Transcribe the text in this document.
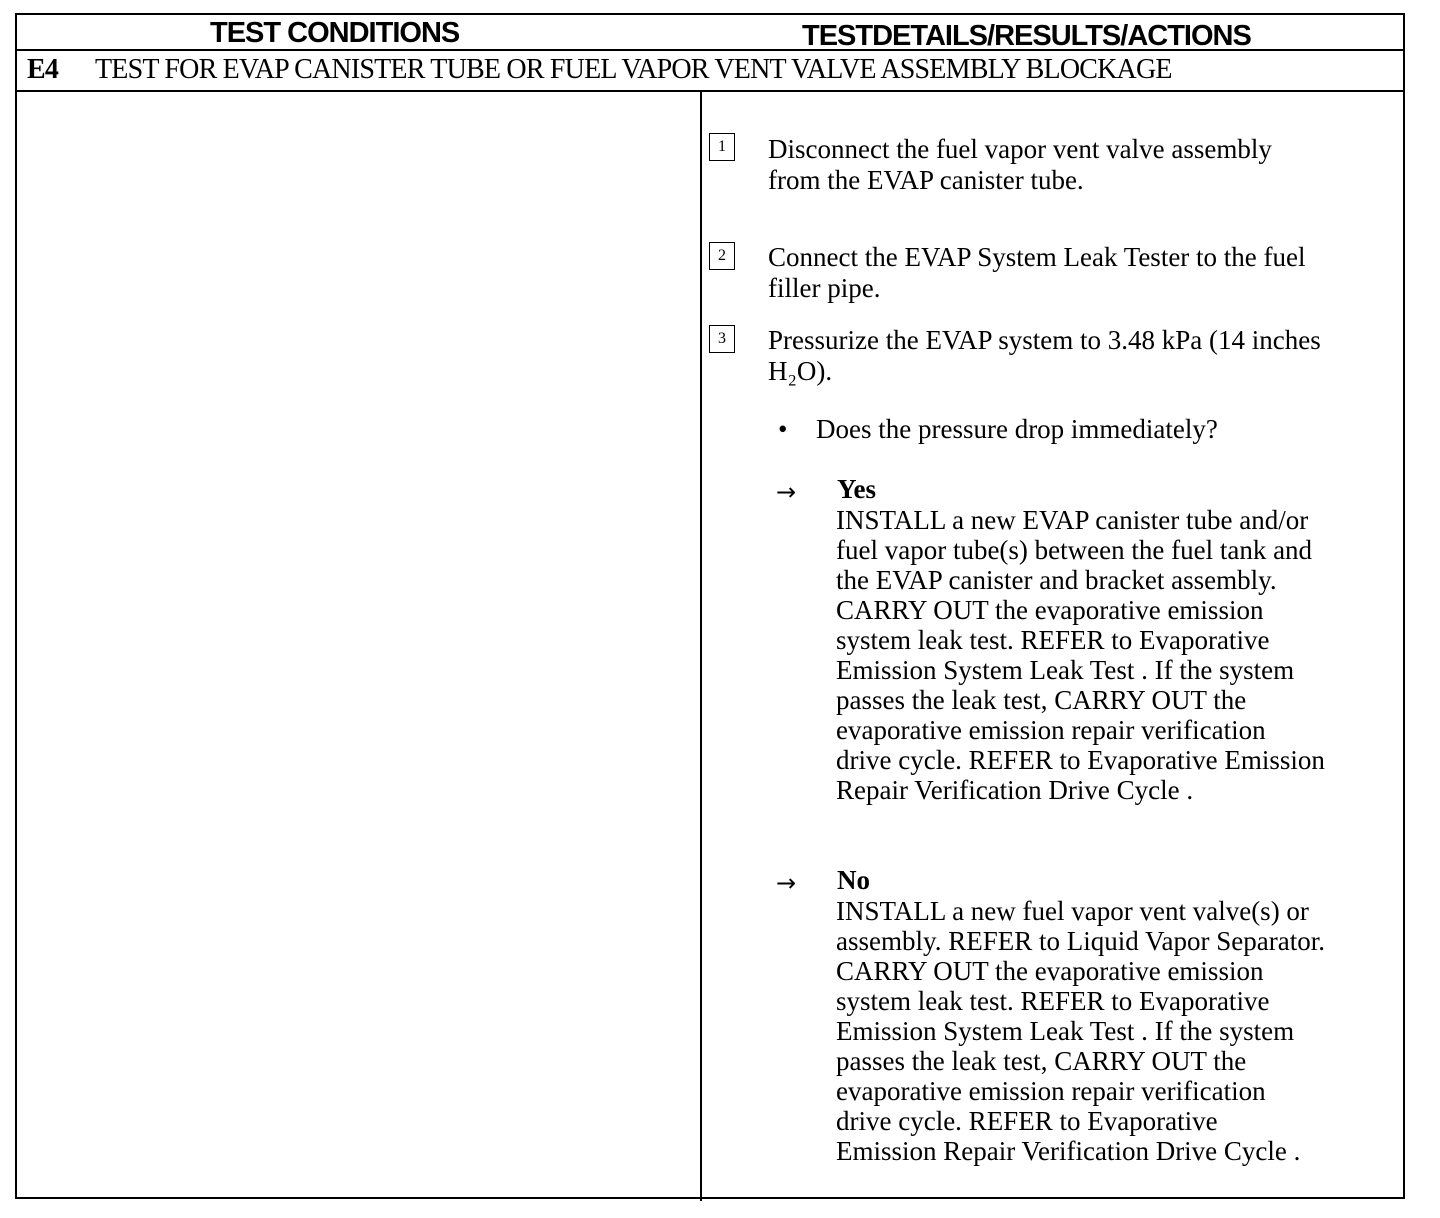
TEST CONDITIONS	TESTDETAILS/RESULTS/ACTIONS
E4 TEST FOR EVAP CANISTER TUBE OR FUEL VAPOR VENT VALVE ASSEMBLY BLOCKAGE
1	Disconnect the fuel vapor vent valve assembly
from the EVAP canister tube.
2	Connect the EVAP System Leak Tester to the fuel
filler pipe.
3	Pressurize the EVAP system to 3.48 kPa (14 inches
H₂O).
• Does the pressure drop immediately?
→ Yes
INSTALL a new EVAP canister tube and/or
fuel vapor tube(s) between the fuel tank and
the EVAP canister and bracket assembly.
CARRY OUT the evaporative emission
system leak test. REFER to Evaporative
Emission System Leak Test . If the system
passes the leak test, CARRY OUT the
evaporative emission repair verification
drive cycle. REFER to Evaporative Emission
Repair Verification Drive Cycle .
→ No
INSTALL a new fuel vapor vent valve(s) or
assembly. REFER to Liquid Vapor Separator.
CARRY OUT the evaporative emission
system leak test. REFER to Evaporative
Emission System Leak Test . If the system
passes the leak test, CARRY OUT the
evaporative emission repair verification
drive cycle. REFER to Evaporative
Emission Repair Verification Drive Cycle .
